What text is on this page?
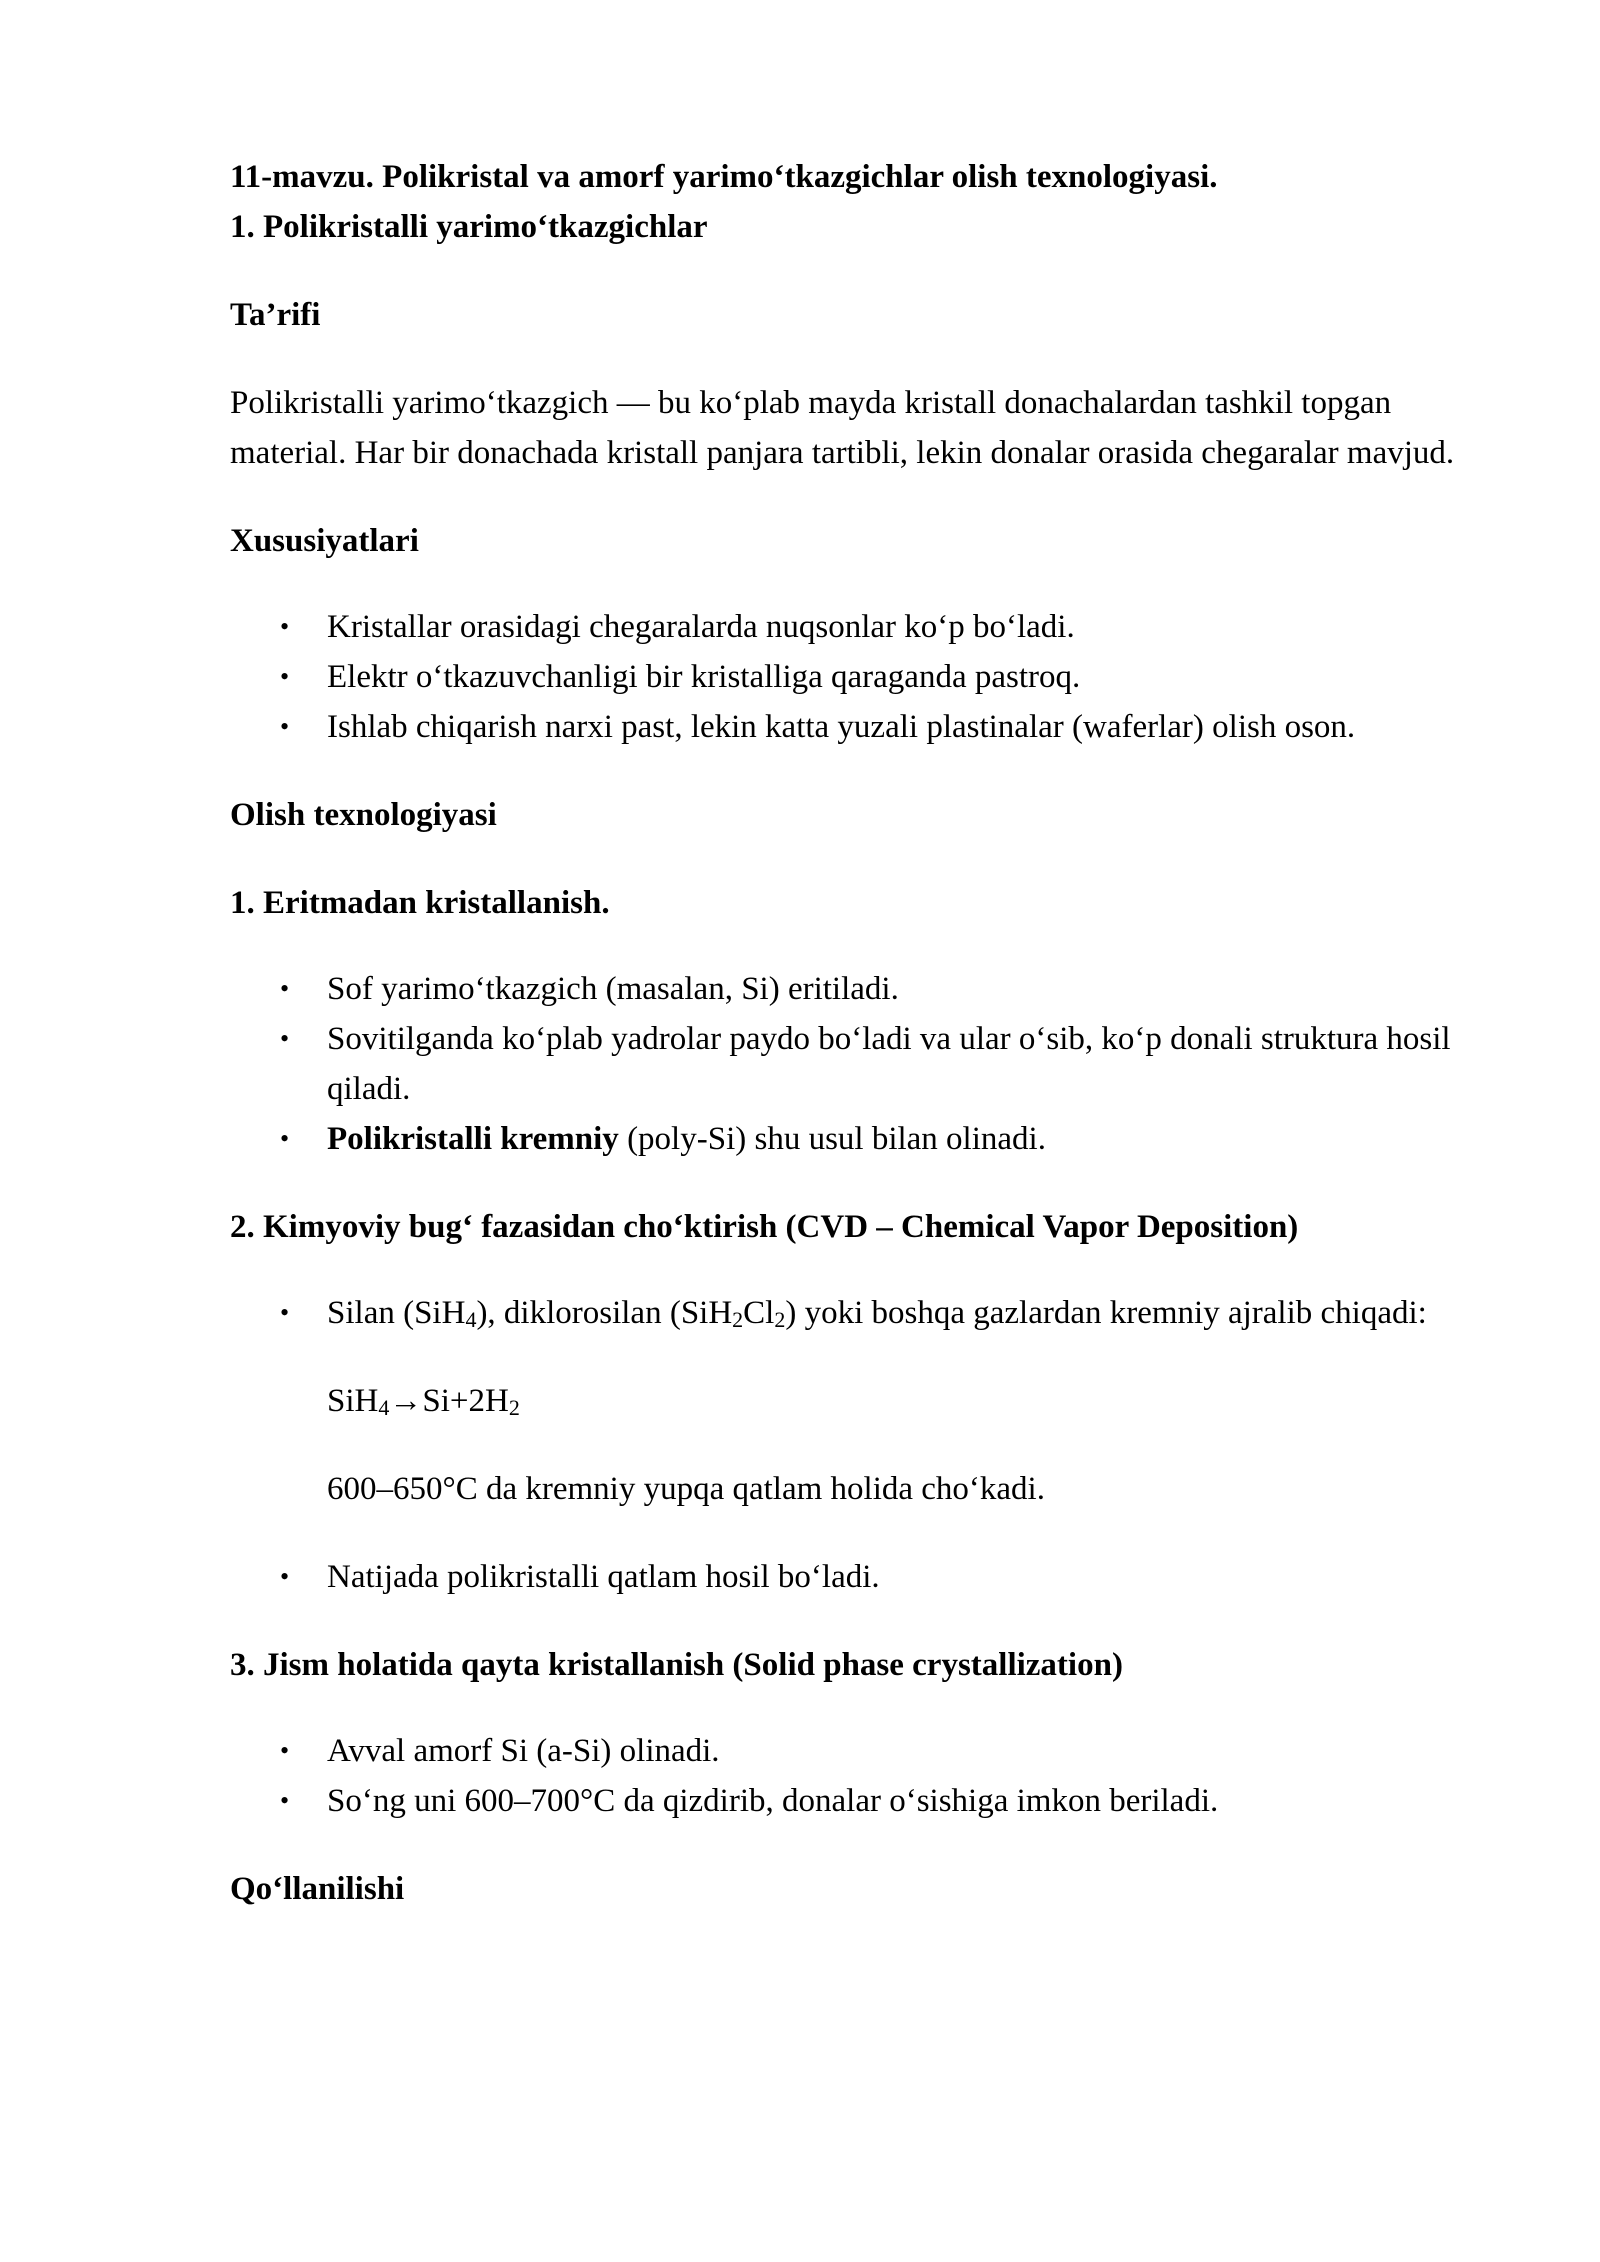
11-mavzu. Polikristal va amorf yarimo‘tkazgichlar olish texnologiyasi.

1. Polikristalli yarimo‘tkazgichlar

Ta’rifi

Polikristalli yarimo‘tkazgich — bu ko‘plab mayda kristall donachalardan tashkil topgan material. Har bir donachada kristall panjara tartibli, lekin donalar orasida chegaralar mavjud.

Xususiyatlari

• Kristallar orasidagi chegaralarda nuqsonlar ko‘p bo‘ladi.
• Elektr o‘tkazuvchanligi bir kristalliga qaraganda pastroq.
• Ishlab chiqarish narxi past, lekin katta yuzali plastinalar (waferlar) olish oson.

Olish texnologiyasi

1. Eritmadan kristallanish.

• Sof yarimo‘tkazgich (masalan, Si) eritiladi.
• Sovitilganda ko‘plab yadrolar paydo bo‘ladi va ular o‘sib, ko‘p donali struktura hosil qiladi.
• Polikristalli kremniy (poly-Si) shu usul bilan olinadi.

2. Kimyoviy bug‘ fazasidan cho‘ktirish (CVD – Chemical Vapor Deposition)

• Silan (SiH$_4$), diklorosilan $(SiH_2Cl_2)$ yoki boshqa gazlardan kremniy ajralib chiqadi:

$SiH_4\to Si+2H_2$

600–650°C da kremniy yupqa qatlam holida cho‘kadi.

• Natijada polikristalli qatlam hosil bo‘ladi.

3. Jism holatida qayta kristallanish (Solid phase crystallization)

• Avval amorf Si (a-Si) olinadi.
• So‘ng uni 600–700°C da qizdirib, donalar o‘sishiga imkon beriladi.

Qo‘llanilishi
